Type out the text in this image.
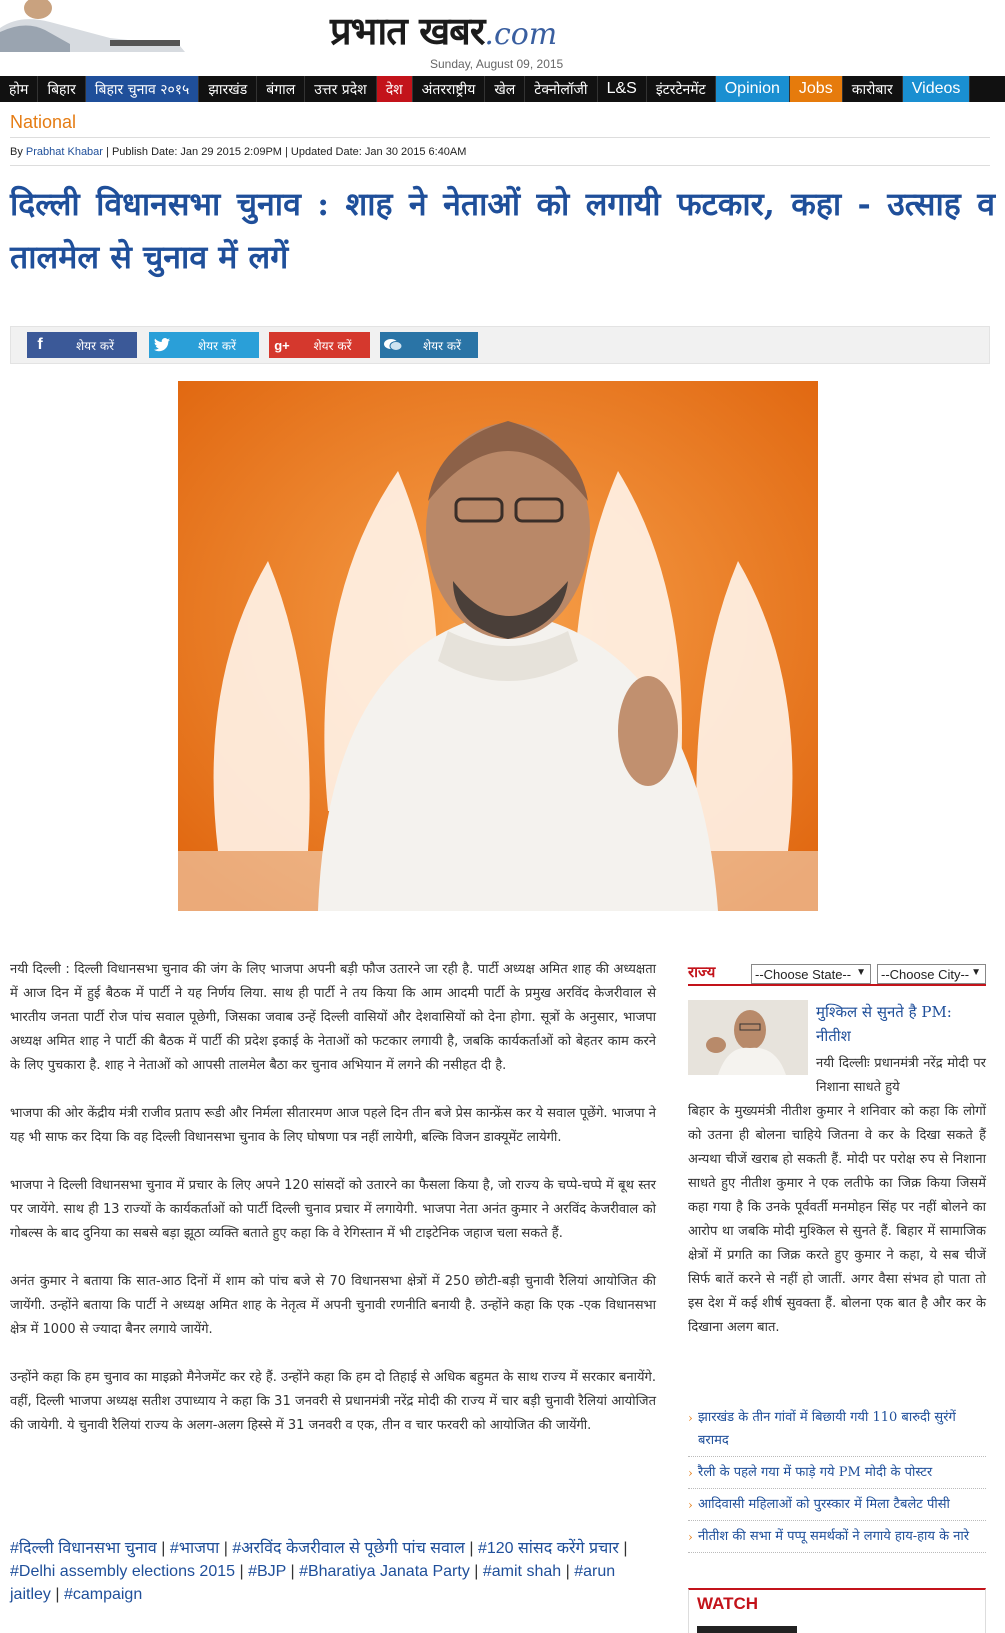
प्रभात खबर.com
Sunday, August 09, 2015
होम	बिहार	बिहार चुनाव २०१५	झारखंड	बंगाल	उत्तर प्रदेश	देश	अंतरराष्ट्रीय	खेल	टेक्नोलॉजी	L&S	इंटरटेनमेंट	Opinion	Jobs	कारोबार	Videos
National
By Prabhat Khabar | Publish Date: Jan 29 2015 2:09PM | Updated Date: Jan 30 2015 6:40AM
दिल्ली विधानसभा चुनाव : शाह ने नेताओं को लगायी फटकार, कहा - उत्साह व तालमेल से चुनाव में लगें
f	शेयर करें	शेयर करें	g+	शेयर करें	शेयर करें

नयी दिल्ली : दिल्ली विधानसभा चुनाव की जंग के लिए भाजपा अपनी बड़ी फौज उतारने जा रही है. पार्टी अध्यक्ष अमित शाह की अध्यक्षता में आज दिन में हुई बैठक में पार्टी ने यह निर्णय लिया. साथ ही पार्टी ने तय किया कि आम आदमी पार्टी के प्रमुख अरविंद केजरीवाल से भारतीय जनता पार्टी रोज पांच सवाल पूछेगी, जिसका जवाब उन्हें दिल्ली वासियों और देशवासियों को देना होगा. सूत्रों के अनुसार, भाजपा अध्यक्ष अमित शाह ने पार्टी की बैठक में पार्टी की प्रदेश इकाई के नेताओं को फटकार लगायी है, जबकि कार्यकर्ताओं को बेहतर काम करने के लिए पुचकारा है. शाह ने नेताओं को आपसी तालमेल बैठा कर चुनाव अभियान में लगने की नसीहत दी है.

भाजपा की ओर केंद्रीय मंत्री राजीव प्रताप रूडी और निर्मला सीतारमण आज पहले दिन तीन बजे प्रेस कान्फ्रेंस कर ये सवाल पूछेंगे. भाजपा ने यह भी साफ कर दिया कि वह दिल्ली विधानसभा चुनाव के लिए घोषणा पत्र नहीं लायेगी, बल्कि विजन डाक्यूमेंट लायेगी.

भाजपा ने दिल्ली विधानसभा चुनाव में प्रचार के लिए अपने 120 सांसदों को उतारने का फैसला किया है, जो राज्य के चप्पे-चप्पे में बूथ स्तर पर जायेंगे. साथ ही 13 राज्यों के कार्यकर्ताओं को पार्टी दिल्ली चुनाव प्रचार में लगायेगी. भाजपा नेता अनंत कुमार ने अरविंद केजरीवाल को गोबल्स के बाद दुनिया का सबसे बड़ा झूठा व्यक्ति बताते हुए कहा कि वे रेगिस्तान में भी टाइटेनिक जहाज चला सकते हैं.

अनंत कुमार ने बताया कि सात-आठ दिनों में शाम को पांच बजे से 70 विधानसभा क्षेत्रों में 250 छोटी-बड़ी चुनावी रैलियां आयोजित की जायेंगी. उन्होंने बताया कि पार्टी ने अध्यक्ष अमित शाह के नेतृत्व में अपनी चुनावी रणनीति बनायी है. उन्होंने कहा कि एक -एक विधानसभा क्षेत्र में 1000 से ज्यादा बैनर लगाये जायेंगे.

उन्होंने कहा कि हम चुनाव का माइक्रो मैनेजमेंट कर रहे हैं. उन्होंने कहा कि हम दो तिहाई से अधिक बहुमत के साथ राज्य में सरकार बनायेंगे. वहीं, दिल्ली भाजपा अध्यक्ष सतीश उपाध्याय ने कहा कि 31 जनवरी से प्रधानमंत्री नरेंद्र मोदी की राज्य में चार बड़ी चुनावी रैलियां आयोजित की जायेगी. ये चुनावी रैलियां राज्य के अलग-अलग हिस्से में 31 जनवरी व एक, तीन व चार फरवरी को आयोजित की जायेंगी.

#दिल्ली विधानसभा चुनाव | #भाजपा | #अरविंद केजरीवाल से पूछेगी पांच सवाल | #120 सांसद करेंगे प्रचार | #Delhi assembly elections 2015 | #BJP | #Bharatiya Janata Party | #amit shah | #arun jaitley | #campaign
राज्य	--Choose State-- ▼ --Choose City-- ▼
मुश्किल से सुनते है PM: नीतीश
नयी दिल्लीः प्रधानमंत्री नरेंद्र मोदी पर निशाना साधते हुये
बिहार के मुख्यमंत्री नीतीश कुमार ने शनिवार को कहा कि लोगों को उतना ही बोलना चाहिये जितना वे कर के दिखा सकते हैं अन्यथा चीजें खराब हो सकती हैं. मोदी पर परोक्ष रुप से निशाना साधते हुए नीतीश कुमार ने एक लतीफे का जिक्र किया जिसमें कहा गया है कि उनके पूर्ववर्ती मनमोहन सिंह पर नहीं बोलने का आरोप था जबकि मोदी मुश्किल से सुनते हैं. बिहार में सामाजिक क्षेत्रों में प्रगति का जिक्र करते हुए कुमार ने कहा, ये सब चीजें सिर्फ बातें करने से नहीं हो जातीं. अगर वैसा संभव हो पाता तो इस देश में कई शीर्ष सुवक्ता हैं. बोलना एक बात है और कर के दिखाना अलग बात.
› झारखंड के तीन गांवों में बिछायी गयी 110 बारुदी सुरंगें बरामद
› रैली के पहले गया में फाड़े गये PM मोदी के पोस्टर
› आदिवासी महिलाओं को पुरस्कार में मिला टैबलेट पीसी
› नीतीश की सभा में पप्पू समर्थकों ने लगाये हाय-हाय के नारे
WATCH
